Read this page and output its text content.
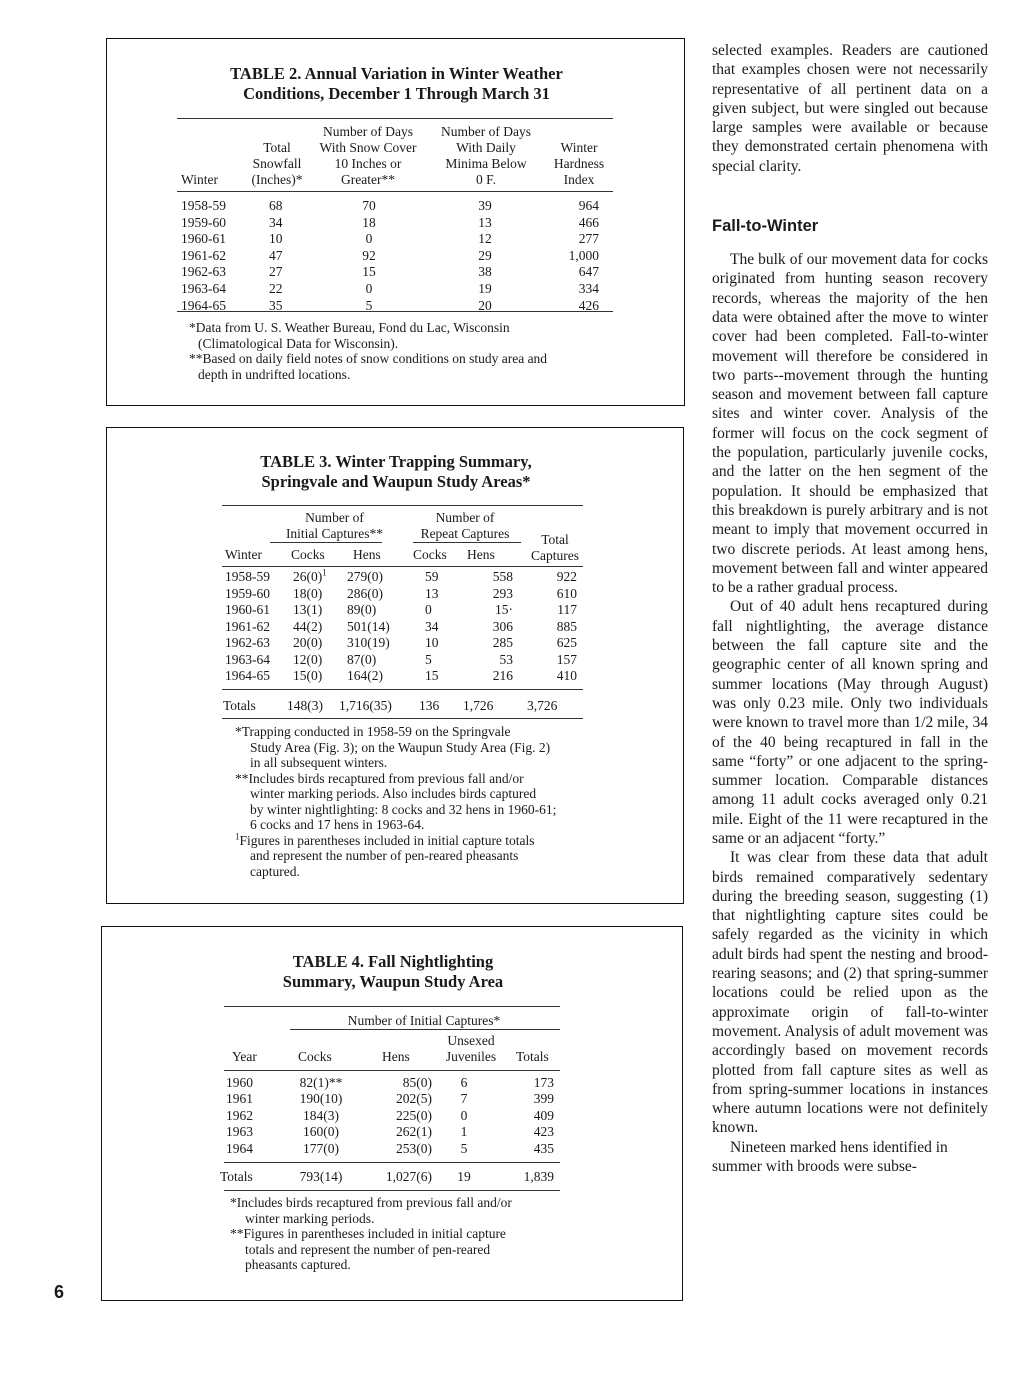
TABLE 2. Annual Variation in Winter Weather
Conditions, December 1 Through March 31
Winter
Total
Snowfall
(Inches)*
Number of Days
With Snow Cover
10 Inches or
Greater**
Number of Days
With Daily
Minima Below
0 F.
Winter
Hardness
Index
1958-59	68	70	39	964
1959-60	34	18	13	466
1960-61	10	0	12	277
1961-62	47	92	29	1,000
1962-63	27	15	38	647
1963-64	22	0	19	334
1964-65	35	5	20	426
*Data from U. S. Weather Bureau, Fond du Lac, Wisconsin
(Climatological Data for Wisconsin).
**Based on daily field notes of snow conditions on study area and
depth in undrifted locations.
TABLE 3. Winter Trapping Summary,
Springvale and Waupun Study Areas*
Number of
Initial Captures**
Number of
Repeat Captures	Total
Captures
Winter Cocks Hens Cocks Hens
1958-59 $26(0)^1$ 279(0)	59	558	922
1959-60 18(0) 286(0)	13	293	610
1960-61 13(1) 89(0)	0	15·	117
1961-62 44(2) 501(14)	34	306	885
1962-63 20(0) 310(19)	10	285	625
1963-64 12(0) 87(0)	5	53	157
1964-65 15(0) 164(2)	15	216	410
Totals 148(3) 1,716(35) 136 1,726 3,726
*Trapping conducted in 1958-59 on the Springvale
Study Area (Fig. 3); on the Waupun Study Area (Fig. 2)
in all subsequent winters.
**Includes birds recaptured from previous fall and/or
winter marking periods. Also includes birds captured
by winter nightlighting: 8 cocks and 32 hens in 1960-61;
6 cocks and 17 hens in 1963-64.
$^1$Figures in parentheses included in initial capture totals
and represent the number of pen-reared pheasants
captured.
TABLE 4. Fall Nightlighting
Summary, Waupun Study Area
Number of Initial Captures*
Unsexed
Juveniles
Year	Cocks	Hens	Totals
1960	82(1)**	85(0)	6	173
1961	190(10)	202(5)	7	399
1962	184(3)	225(0)	0	409
1963	160(0)	262(1)	1	423
1964	177(0)	253(0)	5	435
Totals	793(14)	1,027(6)	19	1,839
*Includes birds recaptured from previous fall and/or
winter marking periods.
**Figures in parentheses included in initial capture
totals and represent the number of pen-reared
pheasants captured.

selected examples. Readers are cautioned that examples chosen were not necessarily representative of all pertinent data on a given subject, but were singled out because large samples were available or because they demonstrated certain phenomena with special clarity.

Fall-to-Winter

The bulk of our movement data for cocks originated from hunting season recovery records, whereas the majority of the hen data were obtained after the move to winter cover had been completed. Fall-to-winter movement will therefore be considered in two parts--movement through the hunting season and movement between fall capture sites and winter cover. Analysis of the former will focus on the cock segment of the population, particularly juvenile cocks, and the latter on the hen segment of the population. It should be emphasized that this breakdown is purely arbitrary and is not meant to imply that movement occurred in two discrete periods. At least among hens, movement between fall and winter appeared to be a rather gradual process.

Out of 40 adult hens recaptured during fall nightlighting, the average distance between the fall capture site and the geographic center of all known spring and summer locations (May through August) was only 0.23 mile. Only two individuals were known to travel more than 1/2 mile, 34 of the 40 being recaptured in fall in the same “forty” or one adjacent to the spring-summer location. Comparable distances among 11 adult cocks averaged only 0.21 mile. Eight of the 11 were recaptured in the same or an adjacent “forty.”

It was clear from these data that adult birds remained comparatively sedentary during the breeding season, suggesting (1) that nightlighting capture sites could be safely regarded as the vicinity in which adult birds had spent the nesting and brood-rearing seasons; and (2) that spring-summer locations could be relied upon as the approximate origin of fall-to-winter movement. Analysis of adult movement was accordingly based on movement records plotted from fall capture sites as well as from spring-summer locations in instances where autumn locations were not definitely known.

Nineteen marked hens identified in summer with broods were subse-

6
